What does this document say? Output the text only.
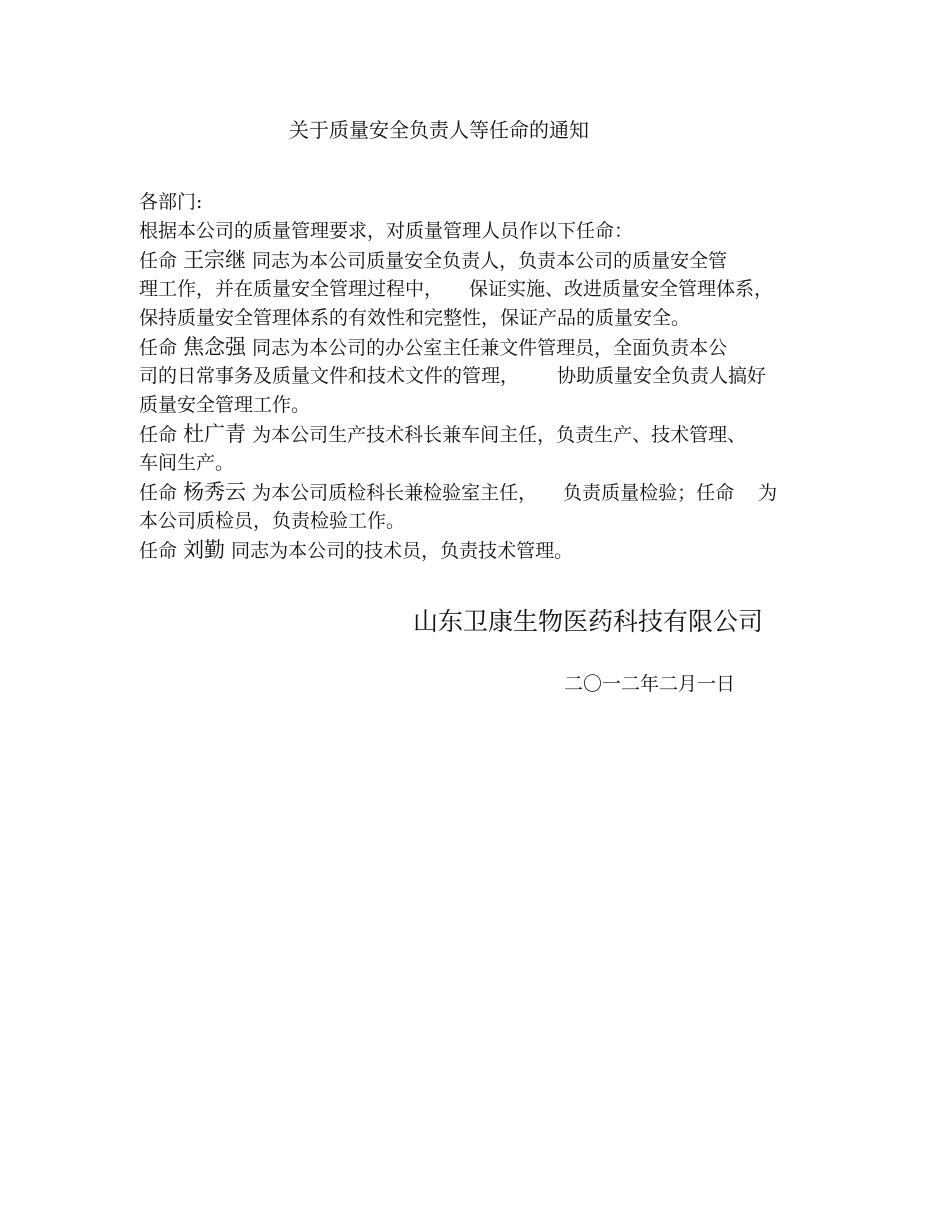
关于质量安全负责人等任命的通知
各部门:
根据本公司的质量管理要求，对质量管理人员作以下任命：
任命 王宗继 同志为本公司质量安全负责人，负责本公司的质量安全管
理工作，并在质量安全管理过程中， 保证实施、改进质量安全管理体系，
保持质量安全管理体系的有效性和完整性，保证产品的质量安全。
任命 焦念强 同志为本公司的办公室主任兼文件管理员，全面负责本公
司的日常事务及质量文件和技术文件的管理， 协助质量安全负责人搞好
质量安全管理工作。
任命 杜广青 为本公司生产技术科长兼车间主任，负责生产、技术管理、
车间生产。
任命 杨秀云 为本公司质检科长兼检验室主任， 负责质量检验；任命 为
本公司质检员，负责检验工作。
任命 刘勤 同志为本公司的技术员，负责技术管理。
山东卫康生物医药科技有限公司
二〇一二年二月一日
